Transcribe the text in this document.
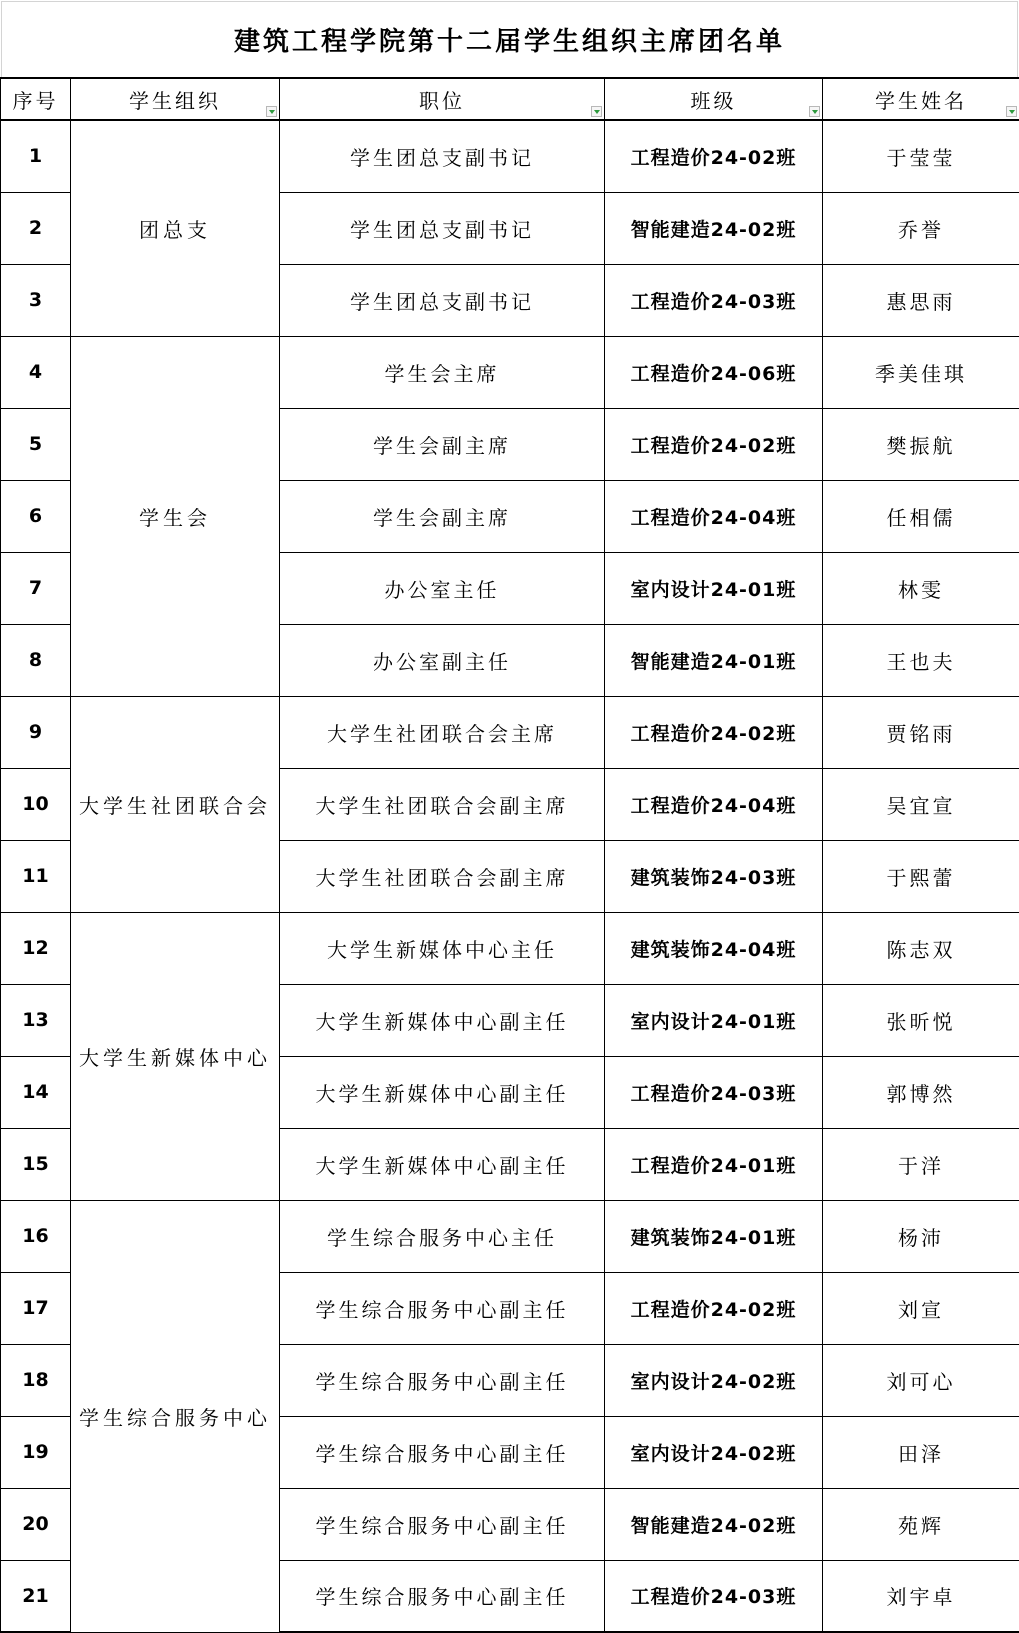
建筑工程学院第十二届学生组织主席团名单
序号	学生组织	职位	班级	学生姓名

1	团总支	学生团总支副书记	工程造价24-02班	于莹莹
2		学生团总支副书记	智能建造24-02班	乔誉
3		学生团总支副书记	工程造价24-03班	惠思雨
4	学生会	学生会主席	工程造价24-06班	季美佳琪
5		学生会副主席	工程造价24-02班	樊振航
6		学生会副主席	工程造价24-04班	任相儒
7		办公室主任	室内设计24-01班	林雯
8		办公室副主任	智能建造24-01班	王也夫
9	大学生社团联合会	大学生社团联合会主席	工程造价24-02班	贾铭雨
10		大学生社团联合会副主席	工程造价24-04班	吴宜宣
11		大学生社团联合会副主席	建筑装饰24-03班	于熙蕾
12	大学生新媒体中心	大学生新媒体中心主任	建筑装饰24-04班	陈志双
13		大学生新媒体中心副主任	室内设计24-01班	张昕悦
14		大学生新媒体中心副主任	工程造价24-03班	郭博然
15		大学生新媒体中心副主任	工程造价24-01班	于洋
16	学生综合服务中心	学生综合服务中心主任	建筑装饰24-01班	杨沛
17		学生综合服务中心副主任	工程造价24-02班	刘宣
18		学生综合服务中心副主任	室内设计24-02班	刘可心
19		学生综合服务中心副主任	室内设计24-02班	田泽
20		学生综合服务中心副主任	智能建造24-02班	苑辉
21		学生综合服务中心副主任	工程造价24-03班	刘宇卓
